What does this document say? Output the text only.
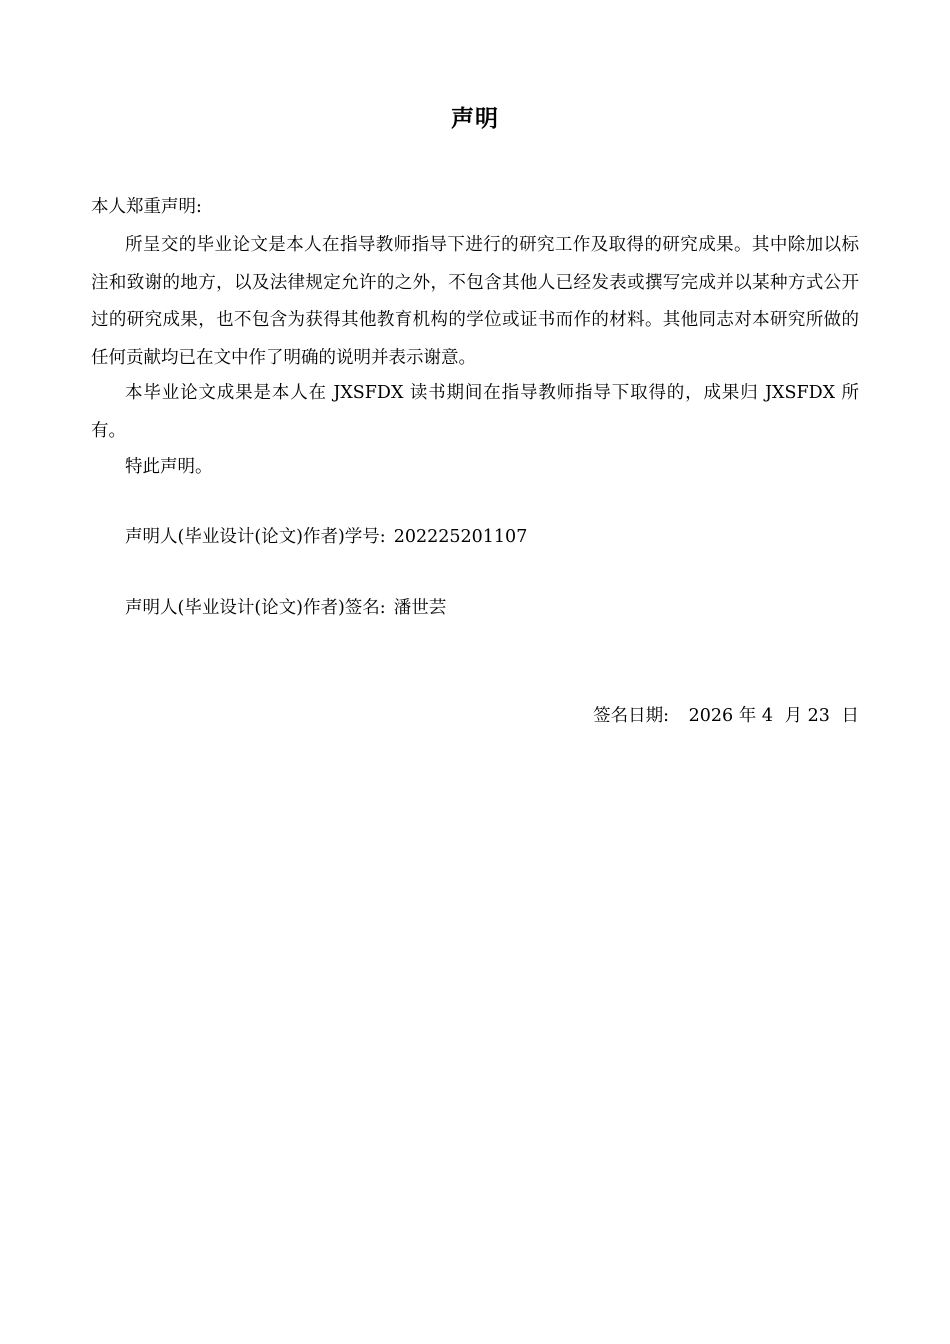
声明
本人郑重声明:
所呈交的毕业论文是本人在指导教师指导下进行的研究工作及取得的研究成果。其中除加以标注和致谢的地方，以及法律规定允许的之外，不包含其他人已经发表或撰写完成并以某种方式公开过的研究成果，也不包含为获得其他教育机构的学位或证书而作的材料。其他同志对本研究所做的任何贡献均已在文中作了明确的说明并表示谢意。
本毕业论文成果是本人在 JXSFDX 读书期间在指导教师指导下取得的，成果归 JXSFDX 所有。
特此声明。
声明人(毕业设计(论文)作者)学号: 202225201107
声明人(毕业设计(论文)作者)签名: 潘世芸
签名日期: 2026 年 4 月 23 日
